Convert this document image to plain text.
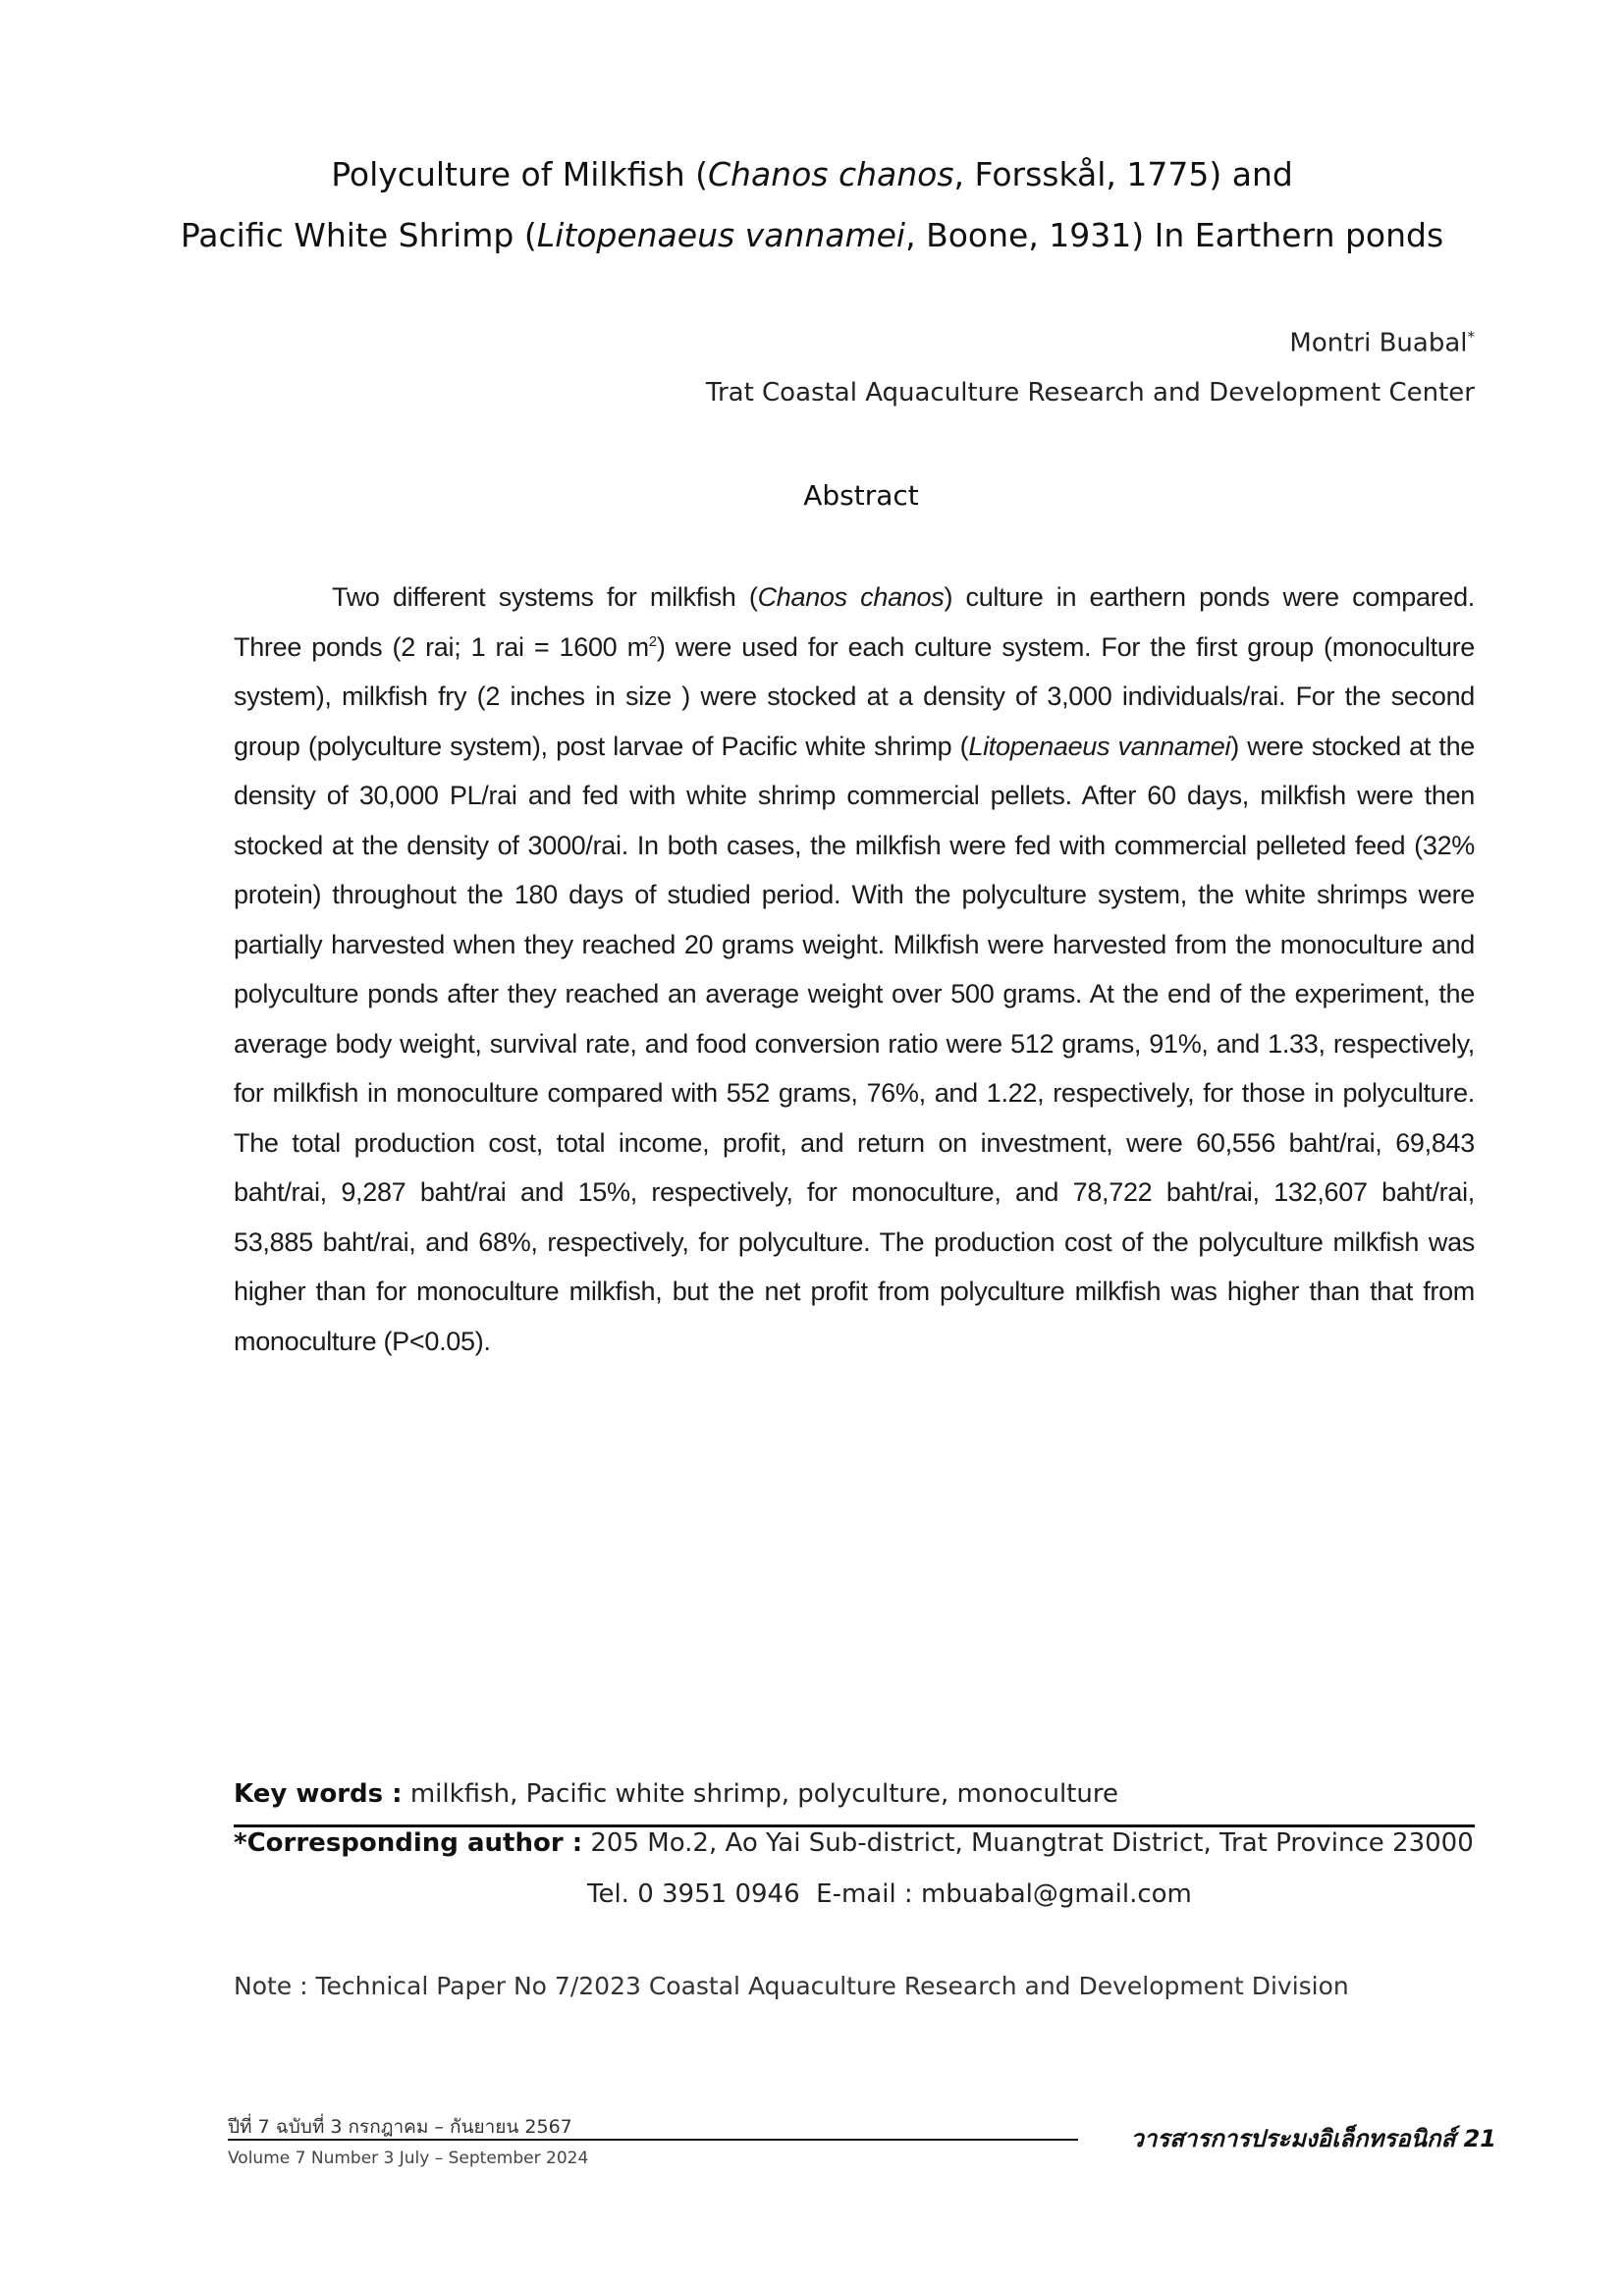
Polyculture of Milkfish (Chanos chanos, Forsskål, 1775) and
Pacific White Shrimp (Litopenaeus vannamei, Boone, 1931) In Earthern ponds
Montri Buabal*
Trat Coastal Aquaculture Research and Development Center
Abstract
Two different systems for milkfish (Chanos chanos) culture in earthern ponds were compared. Three ponds (2 rai; 1 rai = 1600 $m^2$) were used for each culture system. For the first group (monoculture system), milkfish fry (2 inches in size ) were stocked at a density of 3,000 individuals/rai. For the second group (polyculture system), post larvae of Pacific white shrimp (Litopenaeus vannamei) were stocked at the density of 30,000 PL/rai and fed with white shrimp commercial pellets. After 60 days, milkfish were then stocked at the density of 3000/rai. In both cases, the milkfish were fed with commercial pelleted feed (32% protein) throughout the 180 days of studied period. With the polyculture system, the white shrimps were partially harvested when they reached 20 grams weight. Milkfish were harvested from the monoculture and polyculture ponds after they reached an average weight over 500 grams. At the end of the experiment, the average body weight, survival rate, and food conversion ratio were 512 grams, 91%, and 1.33, respectively, for milkfish in monoculture compared with 552 grams, 76%, and 1.22, respectively, for those in polyculture. The total production cost, total income, profit, and return on investment, were 60,556 baht/rai, 69,843 baht/rai, 9,287 baht/rai and 15%, respectively, for monoculture, and 78,722 baht/rai, 132,607 baht/rai, 53,885 baht/rai, and 68%, respectively, for polyculture. The production cost of the polyculture milkfish was higher than for monoculture milkfish, but the net profit from polyculture milkfish was higher than that from monoculture (P<0.05).
Key words : milkfish, Pacific white shrimp, polyculture, monoculture
*Corresponding author : 205 Mo.2, Ao Yai Sub-district, Muangtrat District, Trat Province 23000
Tel. 0 3951 0946  E-mail : mbuabal@gmail.com
Note : Technical Paper No 7/2023 Coastal Aquaculture Research and Development Division
ปีที่ 7 ฉบับที่ 3 กรกฎาคม – กันยายน 2567
Volume 7 Number 3 July – September 2024
วารสารการประมงอิเล็กทรอนิกส์ 21
